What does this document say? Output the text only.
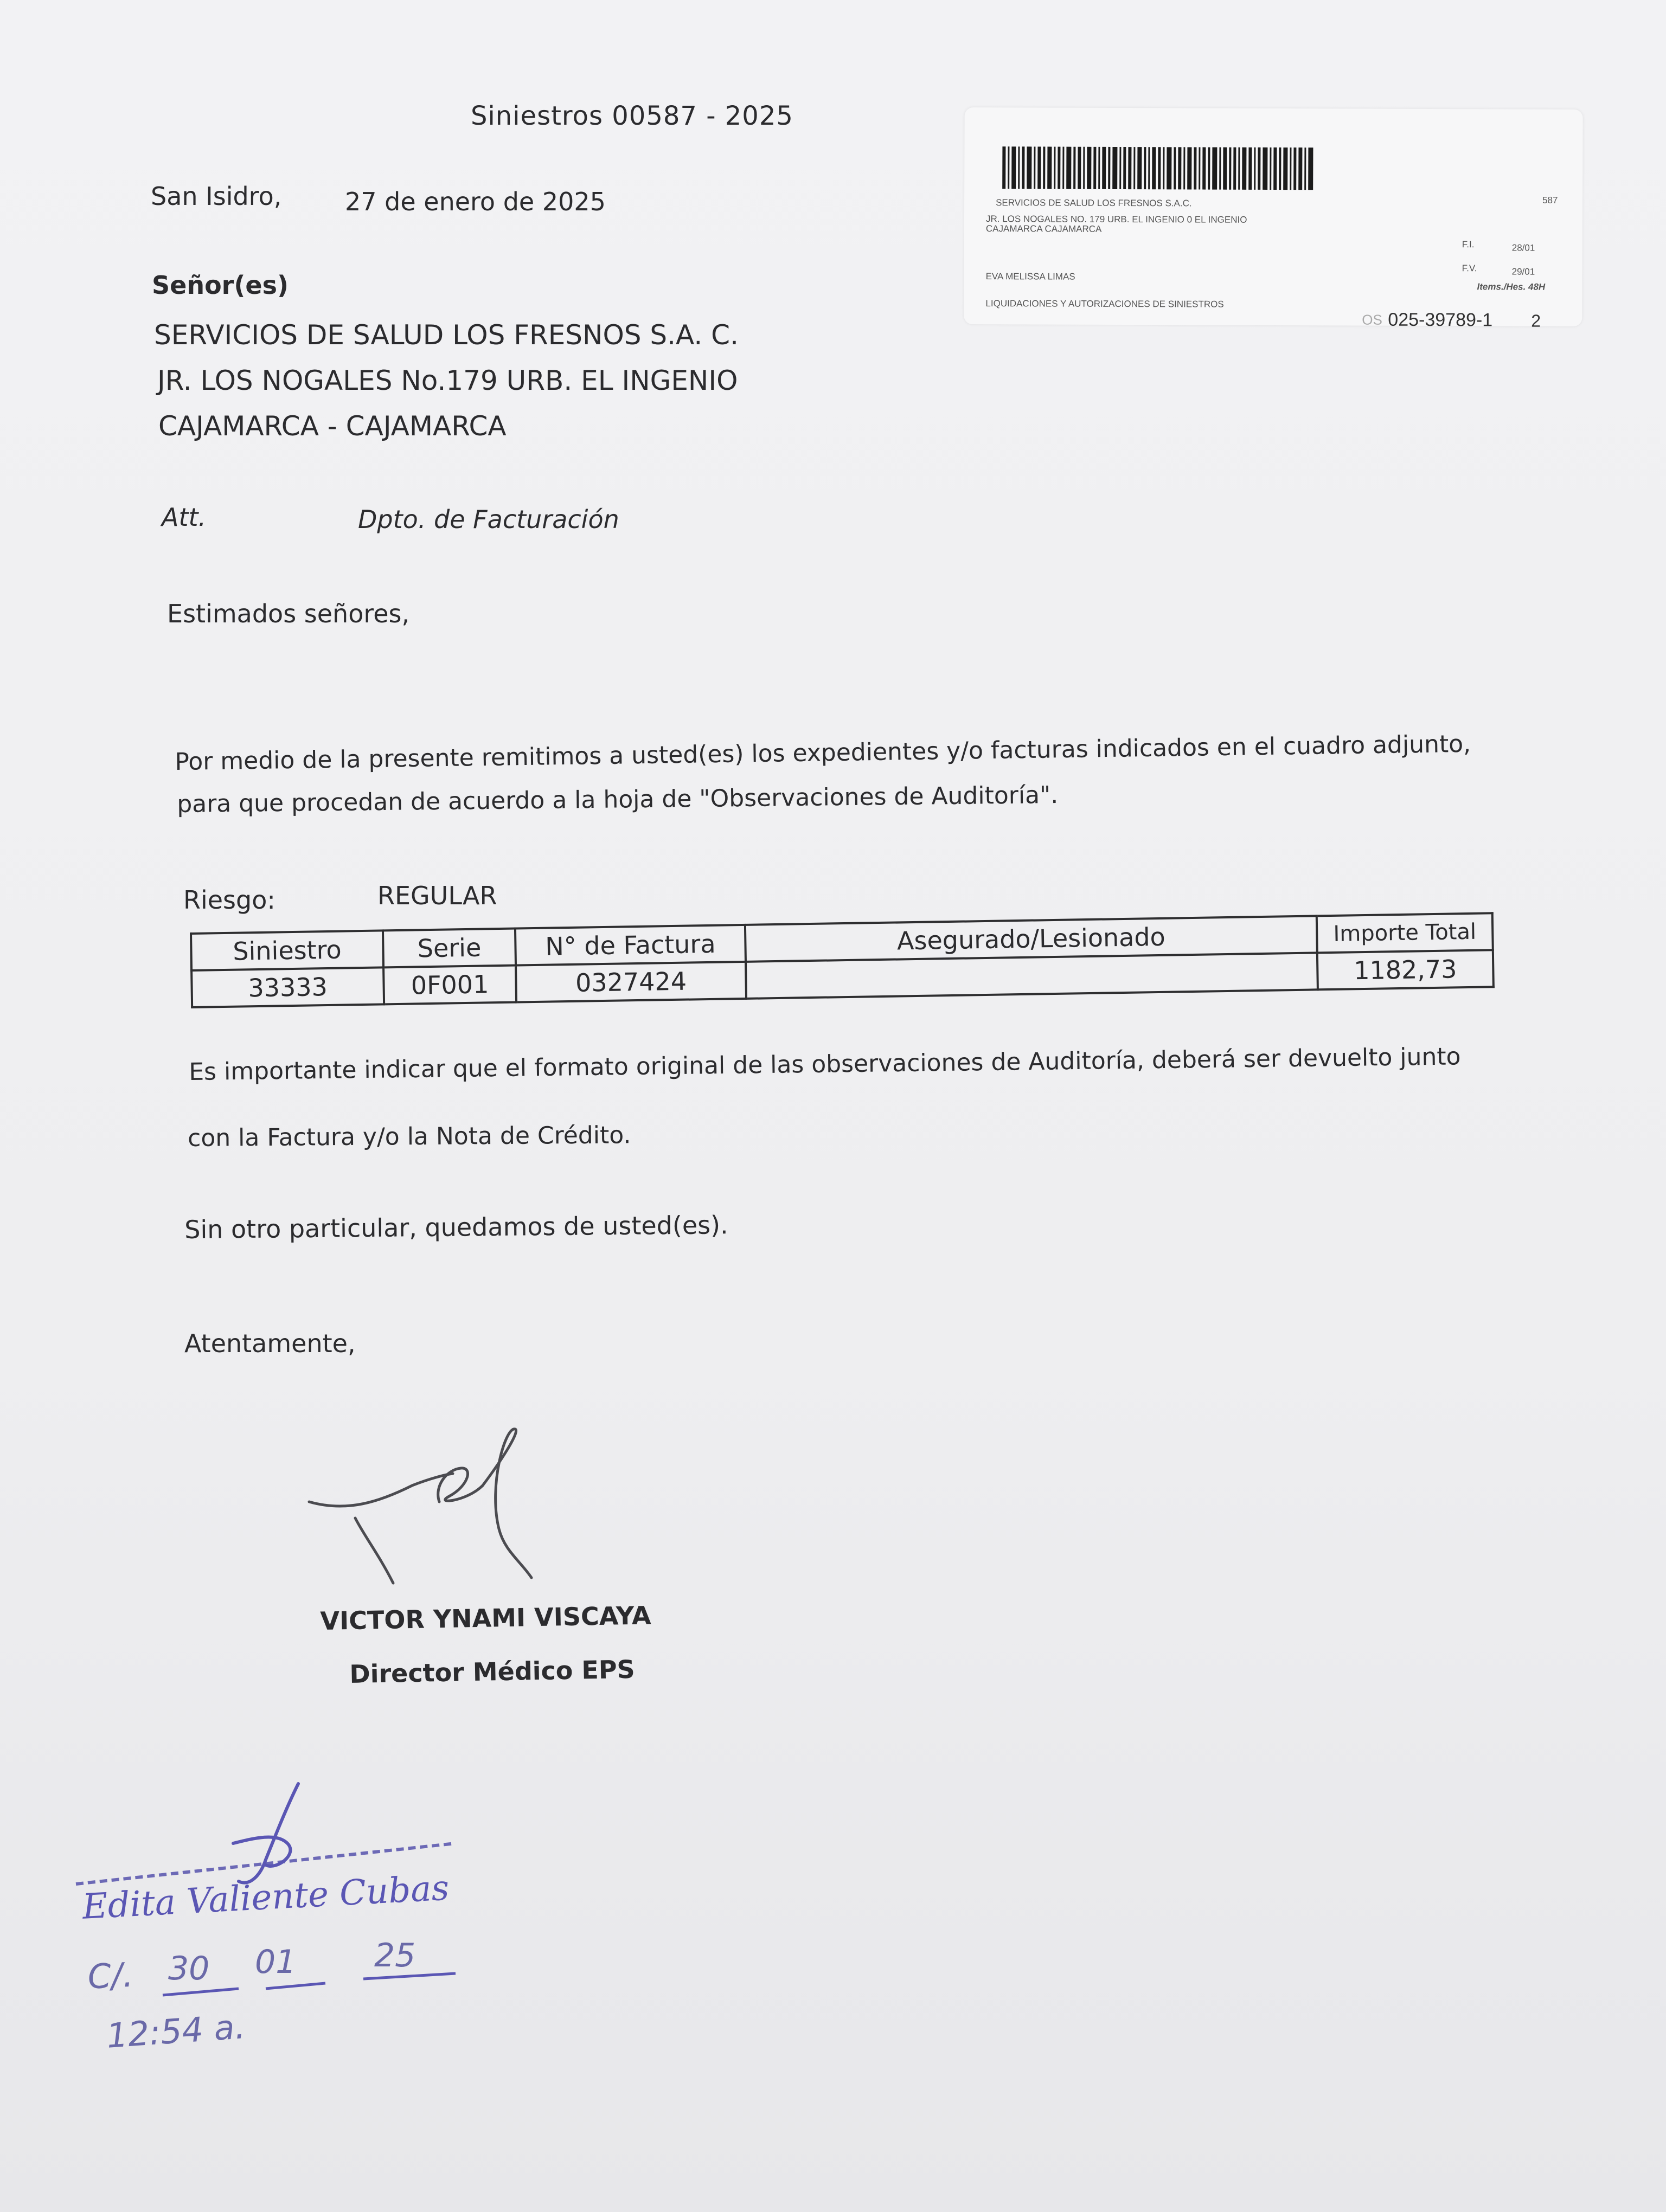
Siniestros 00587 - 2025
San Isidro,	27 de enero de 2025	SERVICIOS DE SALUD LOS FRESNOS S.A.C.	587
JR. LOS NOGALES NO. 179 URB. EL INGENIO 0 EL INGENIO
CAJAMARCA CAJAMARCA
F.I.	28/01
F.V.	29/01
EVA MELISSA LIMAS
Items./Hes. 48H
LIQUIDACIONES Y AUTORIZACIONES DE SINIESTROS
OS 025-39789-1 2
Señor(es)
SERVICIOS DE SALUD LOS FRESNOS S.A. C.
JR. LOS NOGALES No.179 URB. EL INGENIO
CAJAMARCA - CAJAMARCA
Att.	Dpto. de Facturación
Estimados señores,
Por medio de la presente remitimos a usted(es) los expedientes y/o facturas indicados en el cuadro adjunto,
para que procedan de acuerdo a la hoja de "Observaciones de Auditoría".
Riesgo:	REGULAR
Siniestro	Serie	N° de Factura	Asegurado/Lesionado	Importe Total
33333	0F001	0327424		1182,73
Es importante indicar que el formato original de las observaciones de Auditoría, deberá ser devuelto junto
con la Factura y/o la Nota de Crédito.
Sin otro particular, quedamos de usted(es).
Atentamente,
VICTOR YNAMI VISCAYA
Director Médico EPS
Edita Valiente Cubas
C/. 30 01 25
12:54 a.
